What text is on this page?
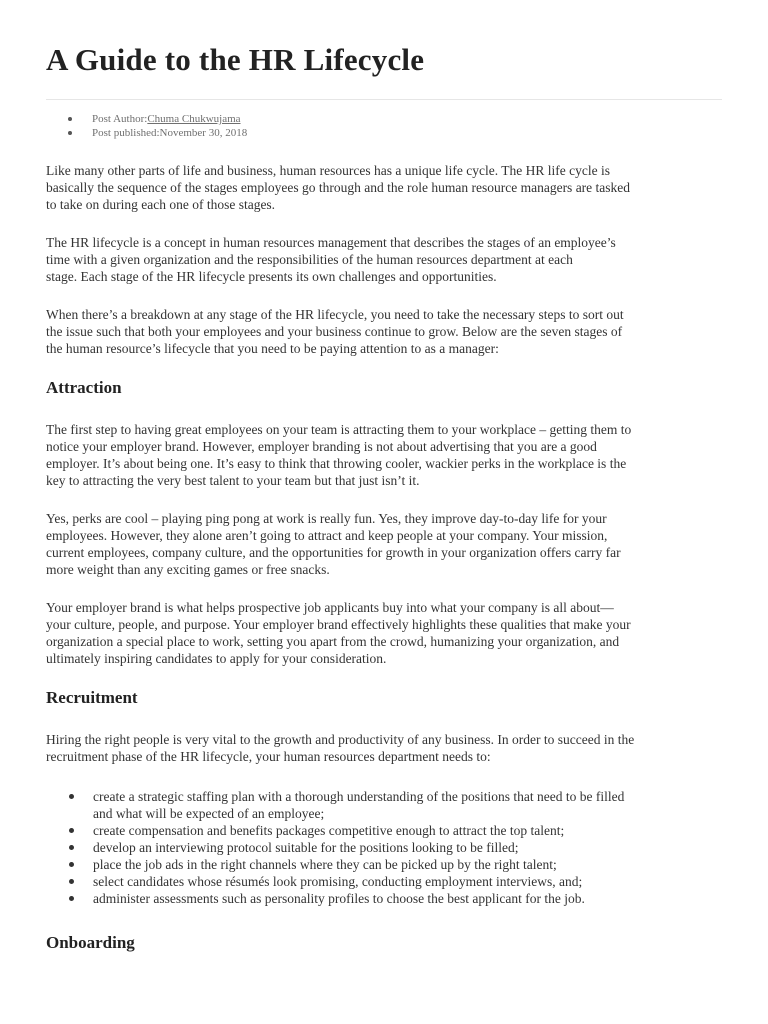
A Guide to the HR Lifecycle
Post Author:Chuma Chukwujama
Post published:November 30, 2018

Like many other parts of life and business, human resources has a unique life cycle. The HR life cycle is
basically the sequence of the stages employees go through and the role human resource managers are tasked
to take on during each one of those stages.

The HR lifecycle is a concept in human resources management that describes the stages of an employee’s
time with a given organization and the responsibilities of the human resources department at each
stage. Each stage of the HR lifecycle presents its own challenges and opportunities.

When there’s a breakdown at any stage of the HR lifecycle, you need to take the necessary steps to sort out
the issue such that both your employees and your business continue to grow. Below are the seven stages of
the human resource’s lifecycle that you need to be paying attention to as a manager:

Attraction

The first step to having great employees on your team is attracting them to your workplace – getting them to
notice your employer brand. However, employer branding is not about advertising that you are a good
employer. It’s about being one. It’s easy to think that throwing cooler, wackier perks in the workplace is the
key to attracting the very best talent to your team but that just isn’t it.

Yes, perks are cool – playing ping pong at work is really fun. Yes, they improve day-to-day life for your
employees. However, they alone aren’t going to attract and keep people at your company. Your mission,
current employees, company culture, and the opportunities for growth in your organization offers carry far
more weight than any exciting games or free snacks.

Your employer brand is what helps prospective job applicants buy into what your company is all about—
your culture, people, and purpose. Your employer brand effectively highlights these qualities that make your
organization a special place to work, setting you apart from the crowd, humanizing your organization, and
ultimately inspiring candidates to apply for your consideration.

Recruitment

Hiring the right people is very vital to the growth and productivity of any business. In order to succeed in the
recruitment phase of the HR lifecycle, your human resources department needs to:

create a strategic staffing plan with a thorough understanding of the positions that need to be filled
and what will be expected of an employee;
create compensation and benefits packages competitive enough to attract the top talent;
develop an interviewing protocol suitable for the positions looking to be filled;
place the job ads in the right channels where they can be picked up by the right talent;
select candidates whose résumés look promising, conducting employment interviews, and;
administer assessments such as personality profiles to choose the best applicant for the job.
Onboarding
